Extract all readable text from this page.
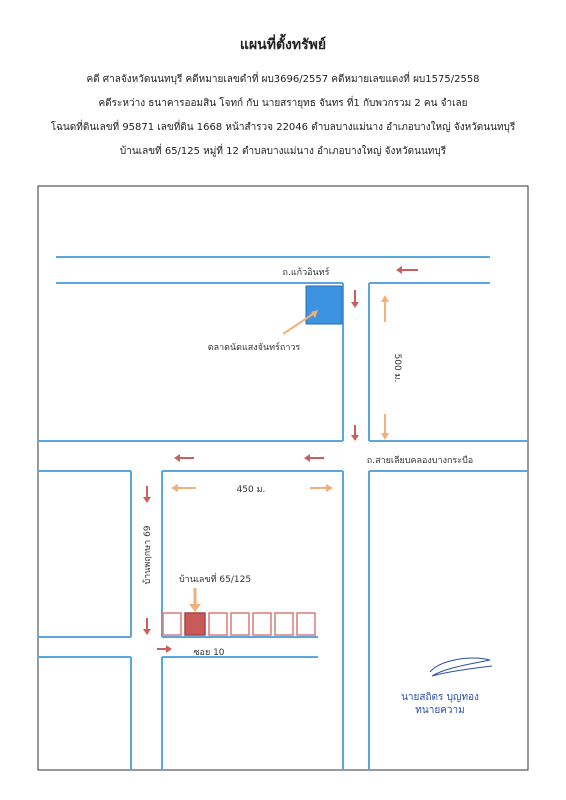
แผนที่ตั้งทรัพย์
คดี ศาลจังหวัดนนทบุรี คดีหมายเลขดำที่ ผบ3696/2557 คดีหมายเลขแดงที่ ผบ1575/2558
คดีระหว่าง ธนาคารออมสิน โจทก์ กับ นายสรายุทธ จันทร ที่1 กับพวกรวม 2 คน จำเลย
โฉนดที่ดินเลขที่ 95871 เลขที่ดิน 1668 หน้าสำรวจ 22046 ตำบลบางแม่นาง อำเภอบางใหญ่ จังหวัดนนทบุรี
บ้านเลขที่ 65/125 หมู่ที่ 12 ตำบลบางแม่นาง อำเภอบางใหญ่ จังหวัดนนทบุรี
ถ.แก้วอินทร์
ตลาดนัดแสงจันทร์ถาวร
500 ม.
ถ.สายเลียบคลองบางกระบือ
450 ม.
บ้านพฤกษา 69	บ้านเลขที่ 65/125
ซอย 10
นายสถิตร บุญทอง
ทนายความ
